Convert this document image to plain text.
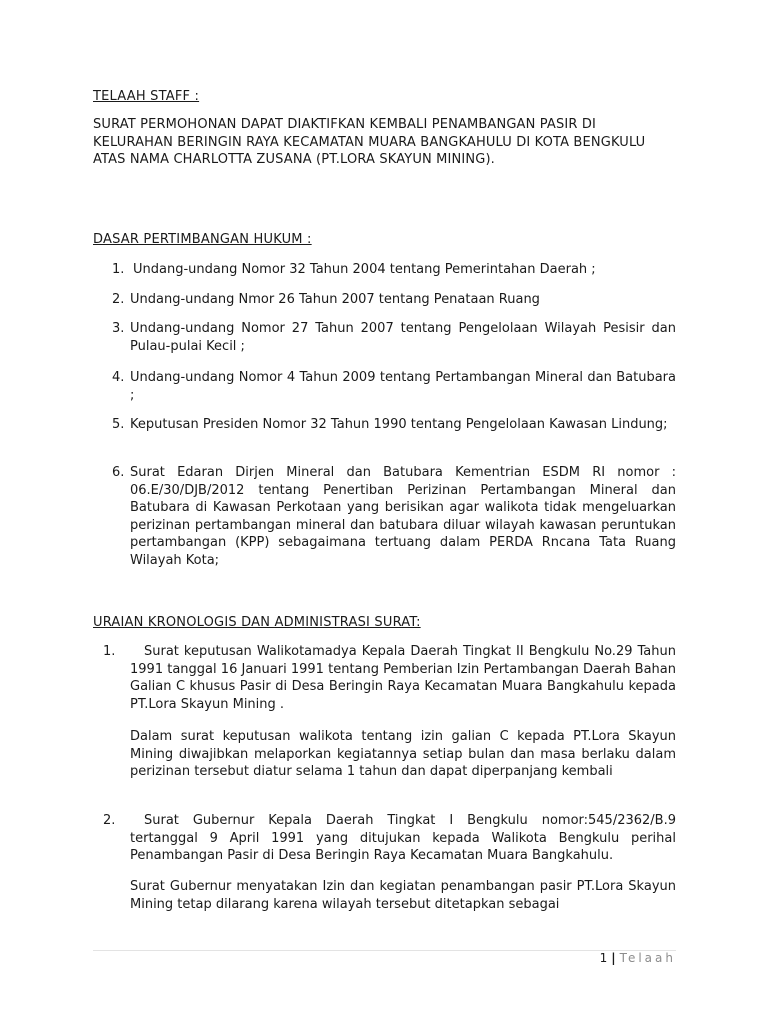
TELAAH STAFF :
SURAT PERMOHONAN DAPAT DIAKTIFKAN KEMBALI PENAMBANGAN PASIR DI KELURAHAN BERINGIN RAYA KECAMATAN MUARA BANGKAHULU DI KOTA BENGKULU ATAS NAMA CHARLOTTA ZUSANA (PT.LORA SKAYUN MINING).
DASAR PERTIMBANGAN HUKUM :
1. Undang-undang Nomor 32 Tahun 2004 tentang Pemerintahan Daerah ;
2. Undang-undang Nmor 26 Tahun 2007 tentang Penataan Ruang
3. Undang-undang Nomor 27 Tahun 2007 tentang Pengelolaan Wilayah Pesisir dan Pulau-pulai Kecil ;
4. Undang-undang Nomor 4 Tahun 2009 tentang Pertambangan Mineral dan Batubara ;
5. Keputusan Presiden Nomor 32 Tahun 1990 tentang Pengelolaan Kawasan Lindung;
6. Surat Edaran Dirjen Mineral dan Batubara Kementrian ESDM RI nomor : 06.E/30/DJB/2012 tentang Penertiban Perizinan Pertambangan Mineral dan Batubara di Kawasan Perkotaan yang berisikan agar walikota tidak mengeluarkan perizinan pertambangan mineral dan batubara diluar wilayah kawasan peruntukan pertambangan (KPP) sebagaimana tertuang dalam PERDA Rncana Tata Ruang Wilayah Kota;
URAIAN KRONOLOGIS DAN ADMINISTRASI SURAT:
1.	Surat keputusan Walikotamadya Kepala Daerah Tingkat II Bengkulu No.29 Tahun 1991 tanggal 16 Januari 1991 tentang Pemberian Izin Pertambangan Daerah Bahan Galian C khusus Pasir di Desa Beringin Raya Kecamatan Muara Bangkahulu kepada PT.Lora Skayun Mining .
Dalam surat keputusan walikota tentang izin galian C kepada PT.Lora Skayun Mining diwajibkan melaporkan kegiatannya setiap bulan dan masa berlaku dalam perizinan tersebut diatur selama 1 tahun dan dapat diperpanjang kembali
2.	Surat Gubernur Kepala Daerah Tingkat I Bengkulu nomor:545/2362/B.9 tertanggal 9 April 1991 yang ditujukan kepada Walikota Bengkulu perihal Penambangan Pasir di Desa Beringin Raya Kecamatan Muara Bangkahulu.
Surat Gubernur menyatakan Izin dan kegiatan penambangan pasir PT.Lora Skayun Mining tetap dilarang karena wilayah tersebut ditetapkan sebagai
1 | Telaah
